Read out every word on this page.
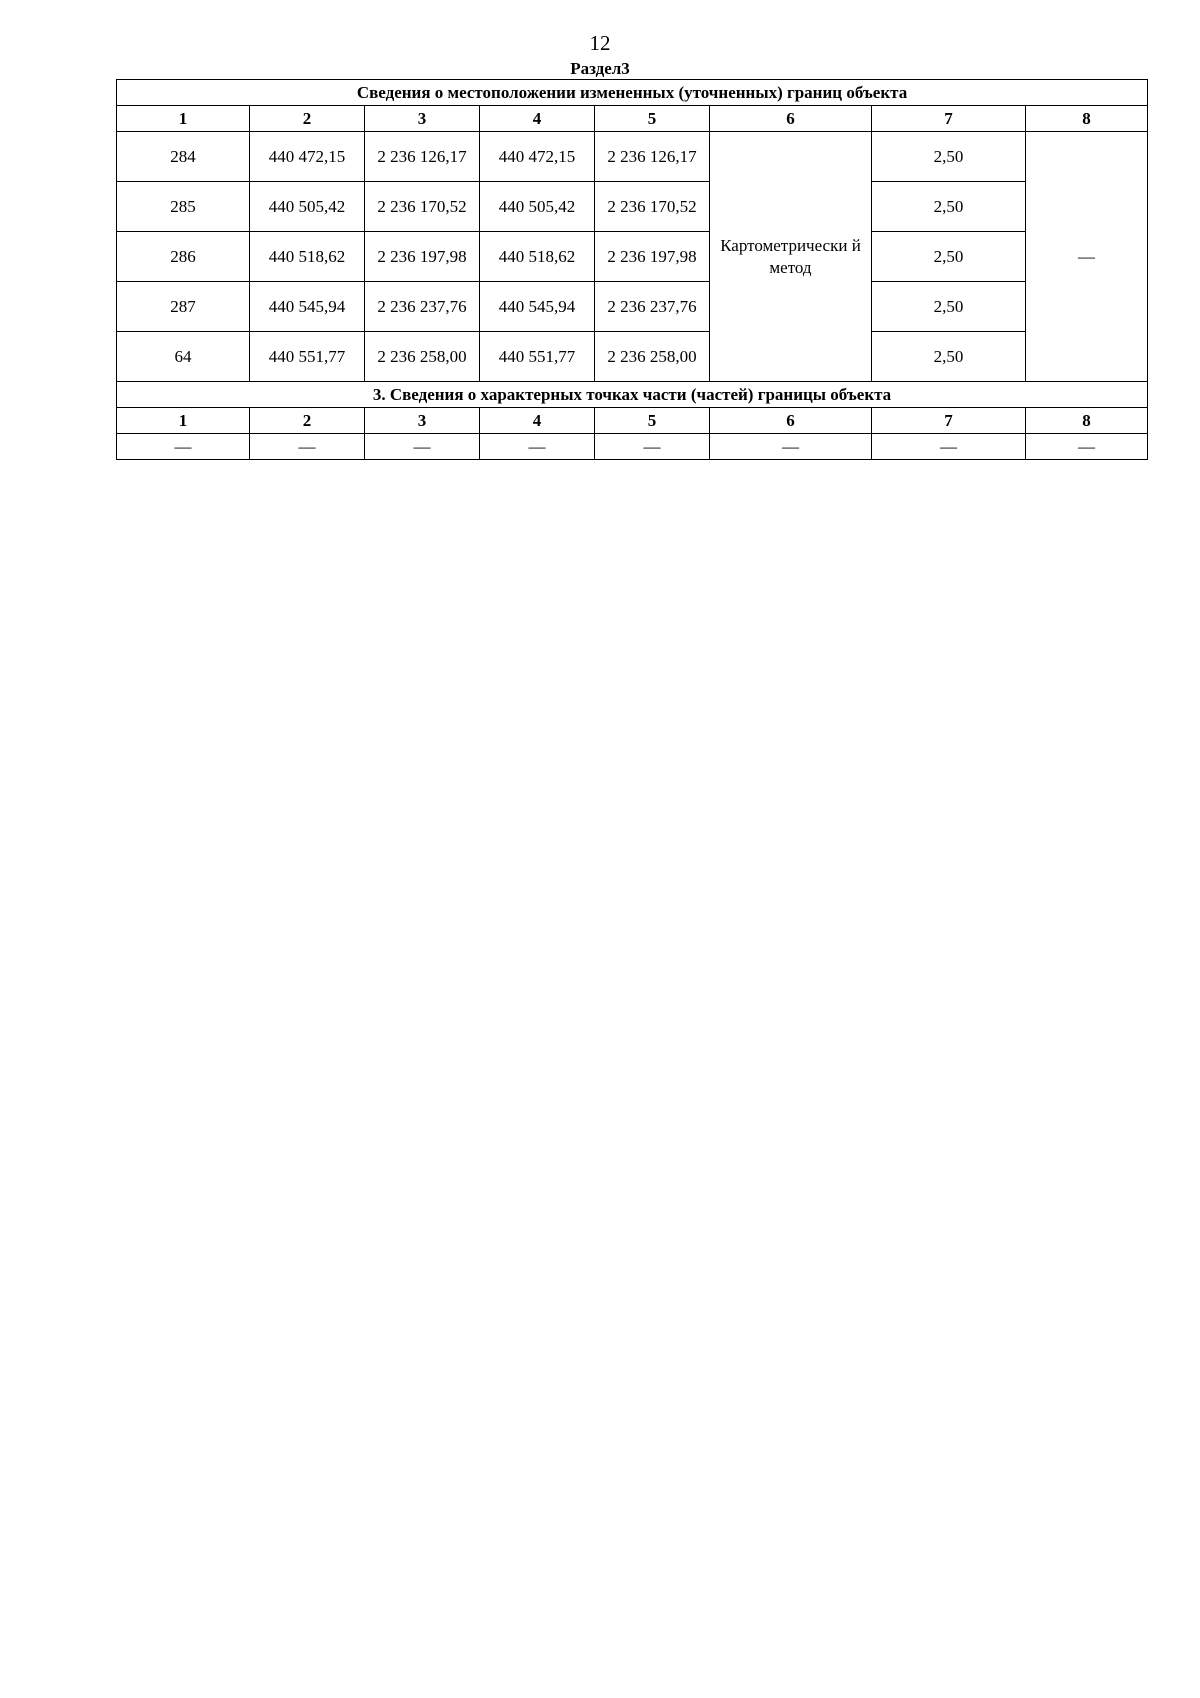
12
Раздел3
Сведения о местоположении измененных (уточненных) границ объекта							
1	2	3	4	5	6	7	8
284	440 472,15	2 236 126,17	440 472,15	2 236 126,17	Картометрически й метод	2,50	—
285	440 505,42	2 236 170,52	440 505,42	2 236 170,52		2,50	
286	440 518,62	2 236 197,98	440 518,62	2 236 197,98		2,50	
287	440 545,94	2 236 237,76	440 545,94	2 236 237,76		2,50	
64	440 551,77	2 236 258,00	440 551,77	2 236 258,00		2,50	
3. Сведения о характерных точках части (частей) границы объекта							
1	2	3	4	5	6	7	8
—	—	—	—	—	—	—	—
